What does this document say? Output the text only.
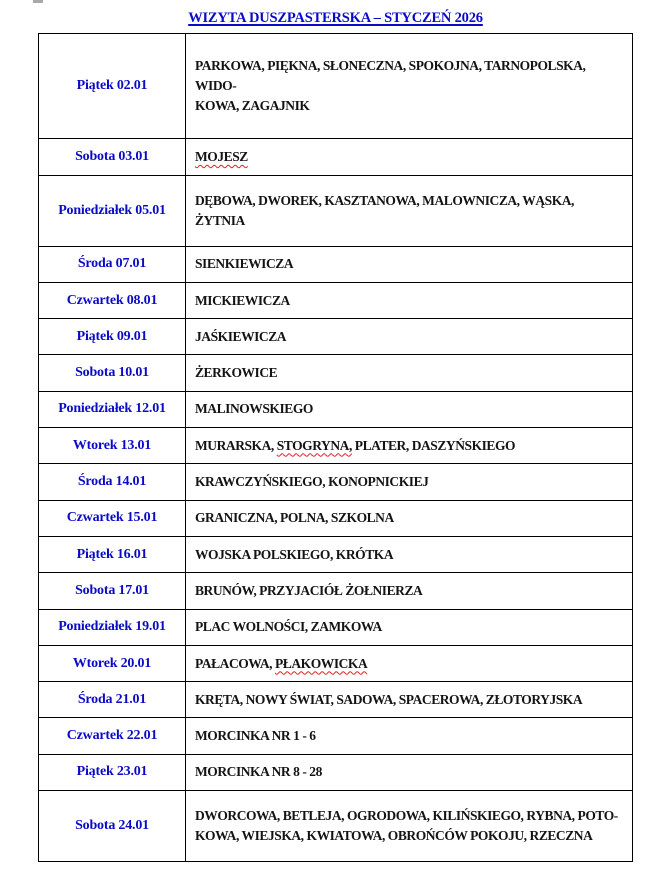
WIZYTA DUSZPASTERSKA – STYCZEŃ 2026
Piątek 02.01	PARKOWA, PIĘKNA, SŁONECZNA, SPOKOJNA, TARNOPOLSKA, WIDO-
KOWA, ZAGAJNIK
Sobota 03.01	MOJESZ
Poniedziałek 05.01	DĘBOWA, DWOREK, KASZTANOWA, MALOWNICZA, WĄSKA, ŻYTNIA
Środa 07.01	SIENKIEWICZA
Czwartek 08.01	MICKIEWICZA
Piątek 09.01	JAŚKIEWICZA
Sobota 10.01	ŻERKOWICE
Poniedziałek 12.01	MALINOWSKIEGO
Wtorek 13.01	MURARSKA, STOGRYNA, PLATER, DASZYŃSKIEGO
Środa 14.01	KRAWCZYŃSKIEGO, KONOPNICKIEJ
Czwartek 15.01	GRANICZNA, POLNA, SZKOLNA
Piątek 16.01	WOJSKA POLSKIEGO, KRÓTKA
Sobota 17.01	BRUNÓW, PRZYJACIÓŁ ŻOŁNIERZA
Poniedziałek 19.01	PLAC WOLNOŚCI, ZAMKOWA
Wtorek 20.01	PAŁACOWA, PŁAKOWICKA
Środa 21.01	KRĘTA, NOWY ŚWIAT, SADOWA, SPACEROWA, ZŁOTORYJSKA
Czwartek 22.01	MORCINKA NR 1 - 6
Piątek 23.01	MORCINKA NR 8 - 28
Sobota 24.01	DWORCOWA, BETLEJA, OGRODOWA, KILIŃSKIEGO, RYBNA, POTO-
KOWA, WIEJSKA, KWIATOWA, OBROŃCÓW POKOJU, RZECZNA
